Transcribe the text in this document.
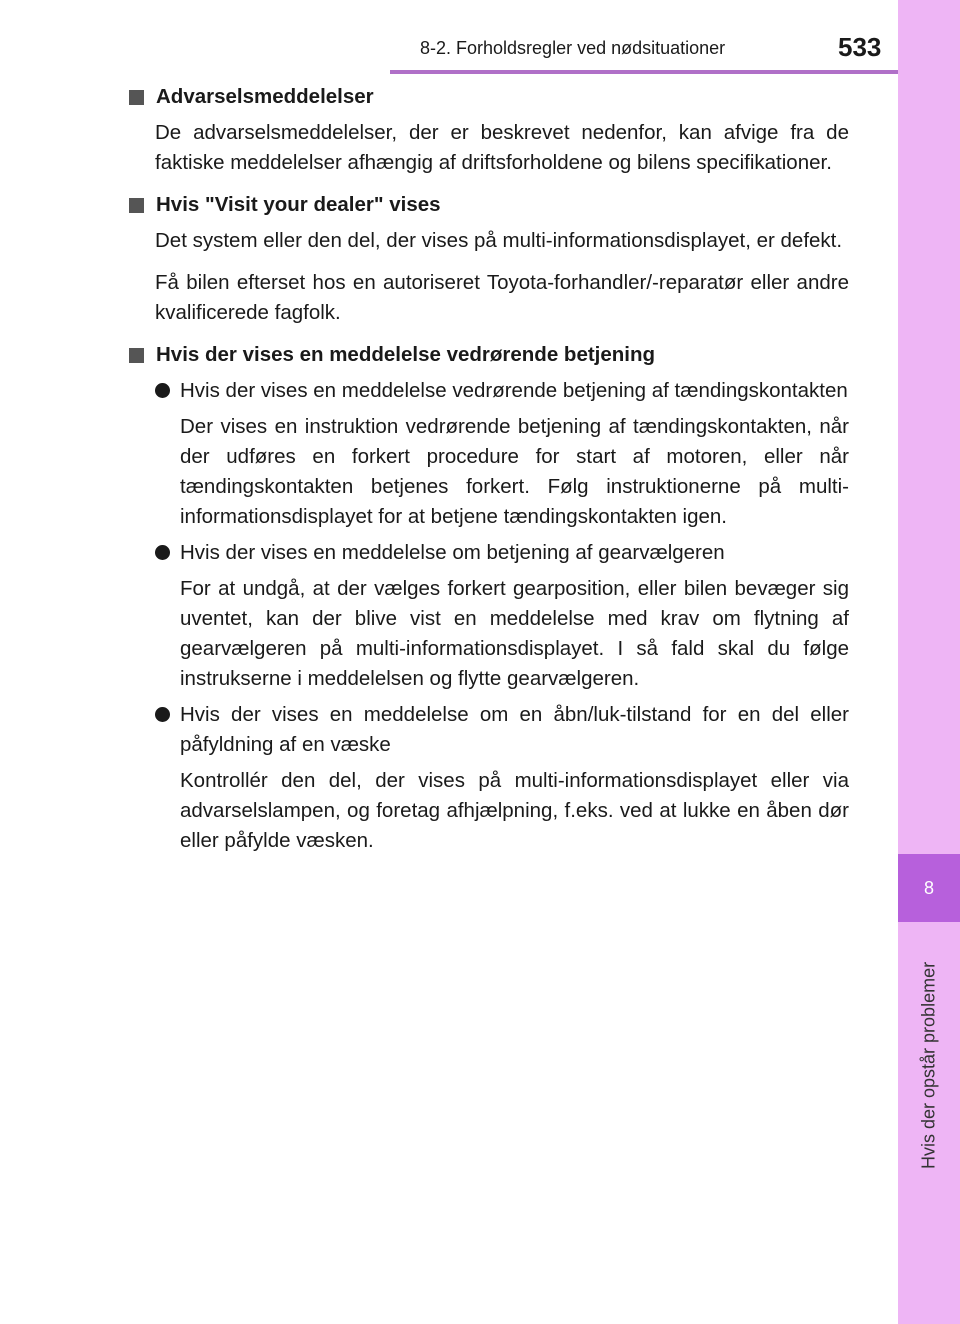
8-2. Forholdsregler ved nødsituationer	533
8
Hvis der opstår problemer
Advarselsmeddelelser

De advarselsmeddelelser, der er beskrevet nedenfor, kan afvige fra de faktiske meddelelser afhængig af driftsforholdene og bilens specifikationer.

Hvis "Visit your dealer" vises

Det system eller den del, der vises på multi-informationsdisplayet, er defekt.

Få bilen efterset hos en autoriseret Toyota-forhandler/-reparatør eller andre kvalificerede fagfolk.

Hvis der vises en meddelelse vedrørende betjening
Hvis der vises en meddelelse vedrørende betjening af tændingskontakten

Der vises en instruktion vedrørende betjening af tændingskontakten, når der udføres en forkert procedure for start af motoren, eller når tændingskontakten betjenes forkert. Følg instruktionerne på multi-informationsdisplayet for at betjene tændingskontakten igen.

Hvis der vises en meddelelse om betjening af gearvælgeren

For at undgå, at der vælges forkert gearposition, eller bilen bevæger sig uventet, kan der blive vist en meddelelse med krav om flytning af gearvælgeren på multi-informationsdisplayet. I så fald skal du følge instrukserne i meddelelsen og flytte gearvælgeren.

Hvis der vises en meddelelse om en åbn/luk-tilstand for en del eller påfyldning af en væske

Kontrollér den del, der vises på multi-informationsdisplayet eller via advarselslampen, og foretag afhjælpning, f.eks. ved at lukke en åben dør eller påfylde væsken.
